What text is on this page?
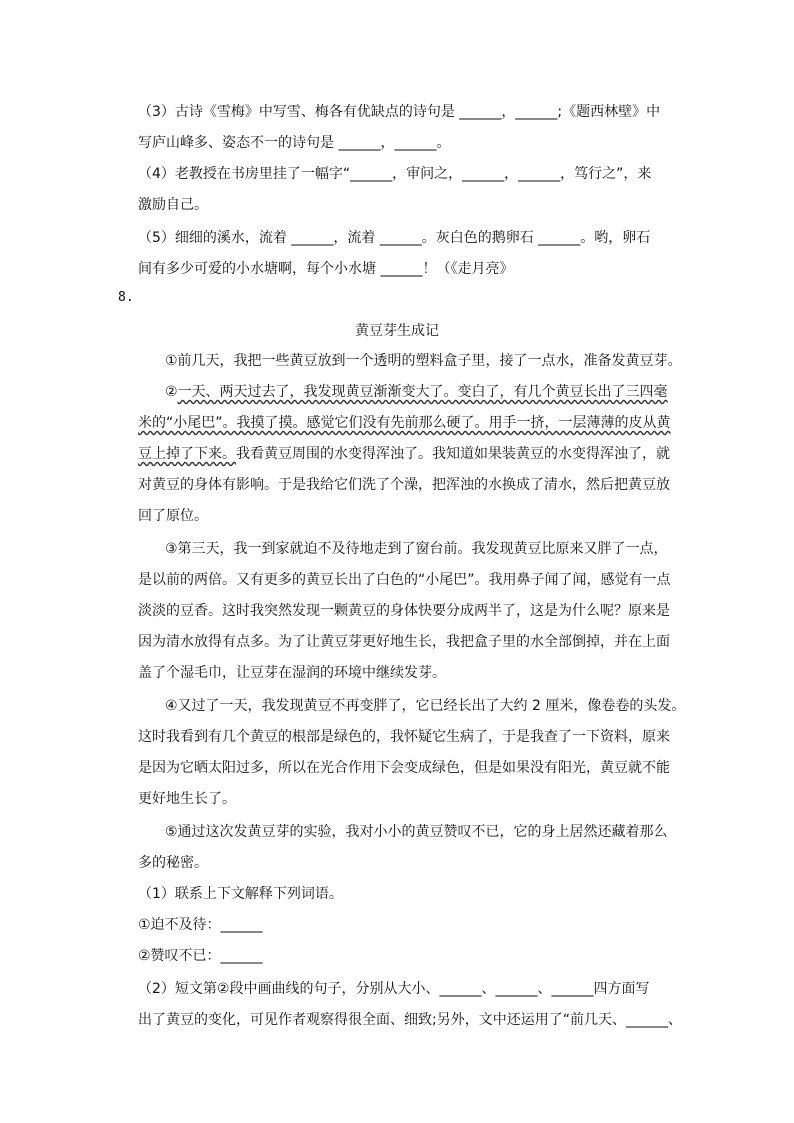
（3）古诗《雪梅》中写雪、梅各有优缺点的诗句是 ______，______;《题西林壁》中
写庐山峰多、姿态不一的诗句是 ______，______。
（4）老教授在书房里挂了一幅字“______，审问之，______，______，笃行之”，来
激励自己。
（5）细细的溪水，流着 ______，流着 ______。灰白色的鹅卵石 ______。哟，卵石
间有多少可爱的小水塘啊，每个小水塘 ______！（《走月亮》
8.
黄豆芽生成记
①前几天，我把一些黄豆放到一个透明的塑料盒子里，接了一点水，准备发黄豆芽。
②一天、两天过去了，我发现黄豆渐渐变大了。变白了，有几个黄豆长出了三四毫
米的“小尾巴”。我摸了摸。感觉它们没有先前那么硬了。用手一挤，一层薄薄的皮从黄
豆上掉了下来。我看黄豆周围的水变得浑浊了。我知道如果装黄豆的水变得浑浊了，就
对黄豆的身体有影响。于是我给它们洗了个澡，把浑浊的水换成了清水，然后把黄豆放
回了原位。
③第三天，我一到家就迫不及待地走到了窗台前。我发现黄豆比原来又胖了一点，
是以前的两倍。又有更多的黄豆长出了白色的“小尾巴”。我用鼻子闻了闻，感觉有一点
淡淡的豆香。这时我突然发现一颗黄豆的身体快要分成两半了，这是为什么呢？原来是
因为清水放得有点多。为了让黄豆芽更好地生长，我把盒子里的水全部倒掉，并在上面
盖了个湿毛巾，让豆芽在湿润的环境中继续发芽。
④又过了一天，我发现黄豆不再变胖了，它已经长出了大约 2 厘米，像卷卷的头发。
这时我看到有几个黄豆的根部是绿色的，我怀疑它生病了，于是我查了一下资料，原来
是因为它晒太阳过多，所以在光合作用下会变成绿色，但是如果没有阳光，黄豆就不能
更好地生长了。
⑤通过这次发黄豆芽的实验，我对小小的黄豆赞叹不已，它的身上居然还藏着那么
多的秘密。
（1）联系上下文解释下列词语。
①迫不及待：______
②赞叹不已：______
（2）短文第②段中画曲线的句子，分别从大小、______、______、______四方面写
出了黄豆的变化，可见作者观察得很全面、细致;另外，文中还运用了“前几天、______、
